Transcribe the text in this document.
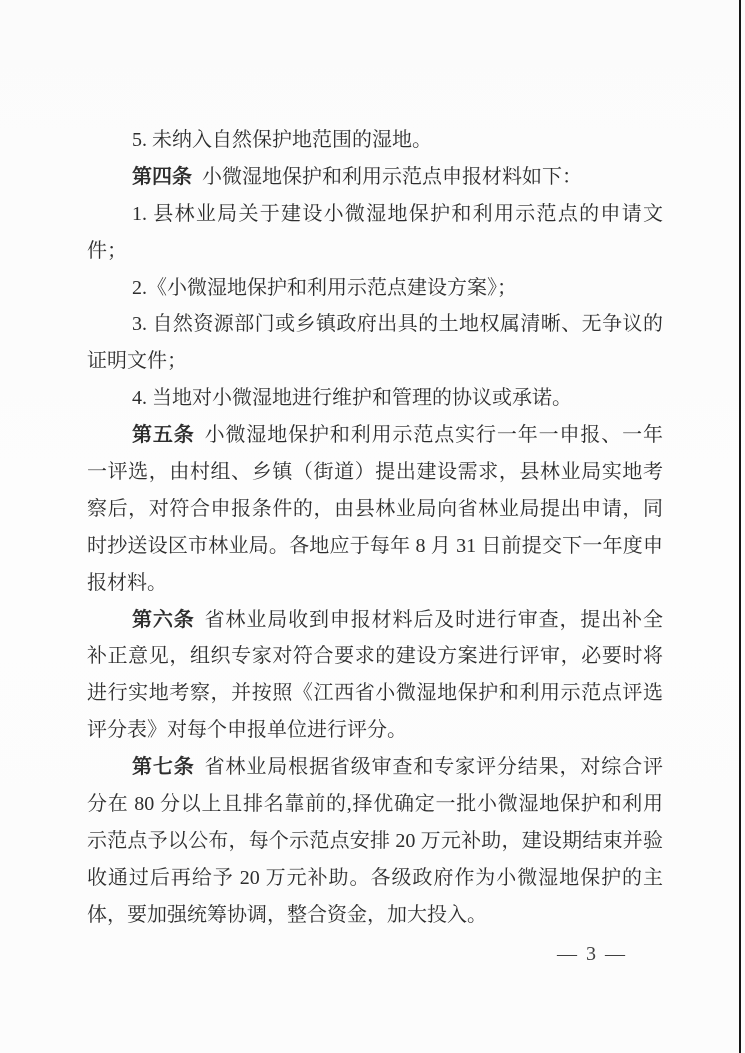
5. 未纳入自然保护地范围的湿地。
第四条 小微湿地保护和利用示范点申报材料如下：
1. 县林业局关于建设小微湿地保护和利用示范点的申请文
件；
2.《小微湿地保护和利用示范点建设方案》；
3. 自然资源部门或乡镇政府出具的土地权属清晰、无争议的
证明文件；
4. 当地对小微湿地进行维护和管理的协议或承诺。
第五条 小微湿地保护和利用示范点实行一年一申报、一年
一评选，由村组、乡镇（街道）提出建设需求，县林业局实地考
察后，对符合申报条件的，由县林业局向省林业局提出申请，同
时抄送设区市林业局。各地应于每年 8 月 31 日前提交下一年度申
报材料。
第六条 省林业局收到申报材料后及时进行审查，提出补全
补正意见，组织专家对符合要求的建设方案进行评审，必要时将
进行实地考察，并按照《江西省小微湿地保护和利用示范点评选
评分表》对每个申报单位进行评分。
第七条 省林业局根据省级审查和专家评分结果，对综合评
分在 80 分以上且排名靠前的,择优确定一批小微湿地保护和利用
示范点予以公布，每个示范点安排 20 万元补助，建设期结束并验
收通过后再给予 20 万元补助。各级政府作为小微湿地保护的主
体，要加强统筹协调，整合资金，加大投入。
— 3 —
